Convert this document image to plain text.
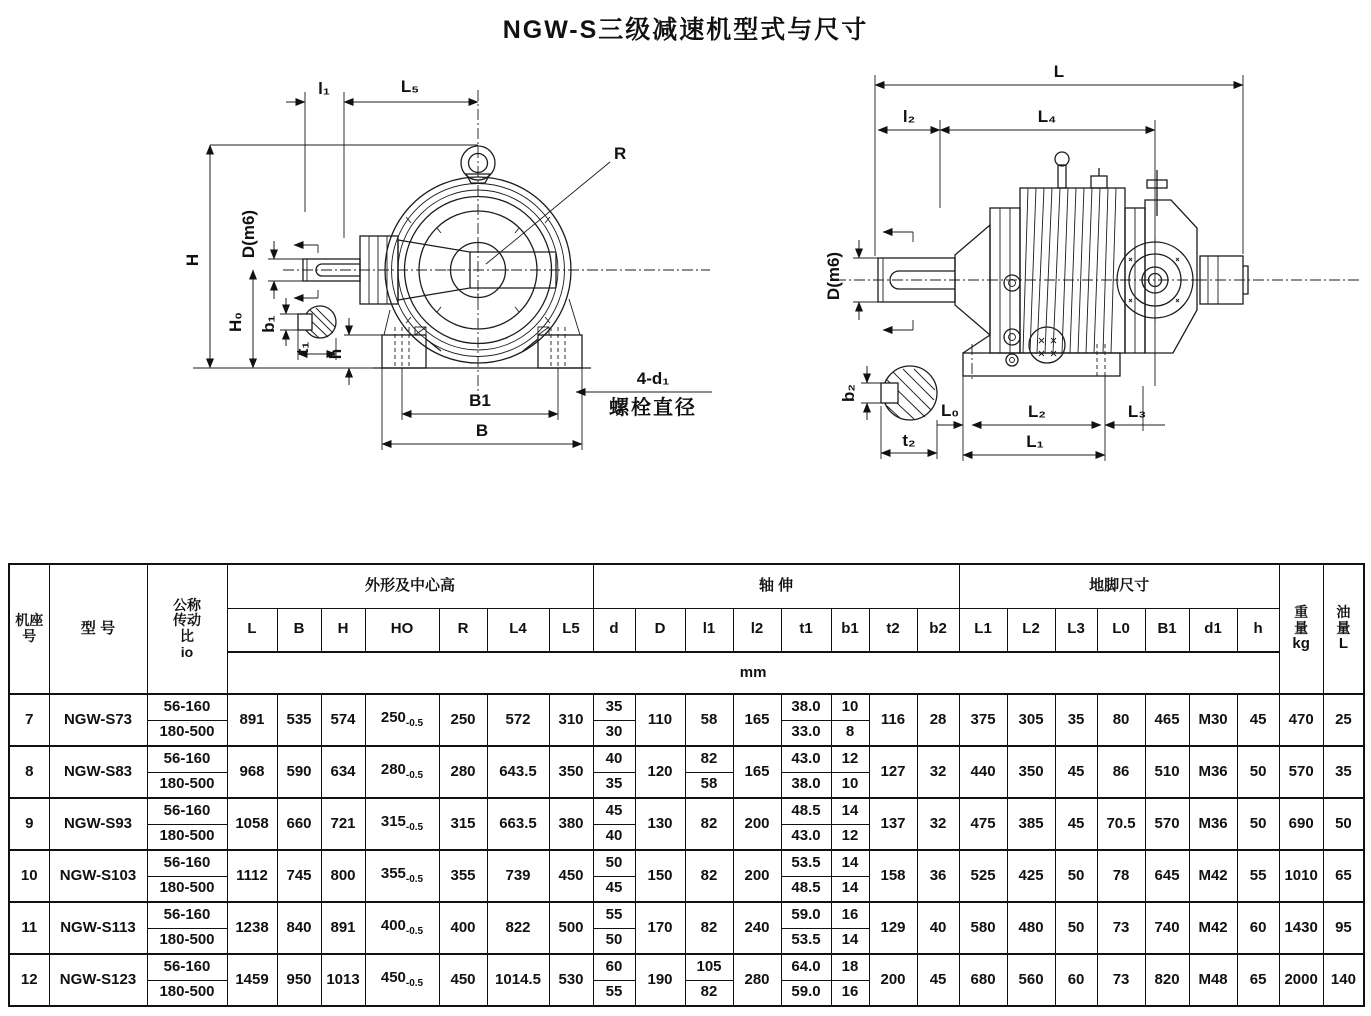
NGW-S三级减速机型式与尺寸
l₁	L₅
H
H₀
D(m6)
b₁
t₁ h
R
B1
B
4-d₁
螺栓直径
L
l₂	L₄
D(m6)
b₂
t₂
L₀	L₂	L₃
L₁
机座号	型 号	
公称传动比
io
	外形及中心高	轴 伸	地脚尺寸	
重量
kg

油量
L

			L	B	H	HO	R	L4	L5	d	D	l1	l2	t1	b1	t2	b2	L1	L2	L3	L0	B1	d1	h		
			mm																							
7	NGW-S73	56-160	891	535	574	$250_{-0.5}$	250	572	310	35	110	58	165	38.0	10	116	28	375	305	35	80	465	M30	45	470	25
		180-500								30				33.0	8											
8	NGW-S83	56-160	968	590	634	$280_{-0.5}$	280	643.5	350	40	120	82	165	43.0	12	127	32	440	350	45	86	510	M36	50	570	35
		180-500								35		58		38.0	10											
9	NGW-S93	56-160	1058	660	721	$315_{-0.5}$	315	663.5	380	45	130	82	200	48.5	14	137	32	475	385	45	70.5	570	M36	50	690	50
		180-500								40				43.0	12											
10	NGW-S103	56-160	1112	745	800	$355_{-0.5}$	355	739	450	50	150	82	200	53.5	14	158	36	525	425	50	78	645	M42	55	1010	65
		180-500								45				48.5	14											
11	NGW-S113	56-160	1238	840	891	$400_{-0.5}$	400	822	500	55	170	82	240	59.0	16	129	40	580	480	50	73	740	M42	60	1430	95
		180-500								50				53.5	14											
12	NGW-S123	56-160	1459	950	1013	$450_{-0.5}$	450	1014.5	530	60	190	105	280	64.0	18	200	45	680	560	60	73	820	M48	65	2000	140
		180-500								55		82		59.0	16											
